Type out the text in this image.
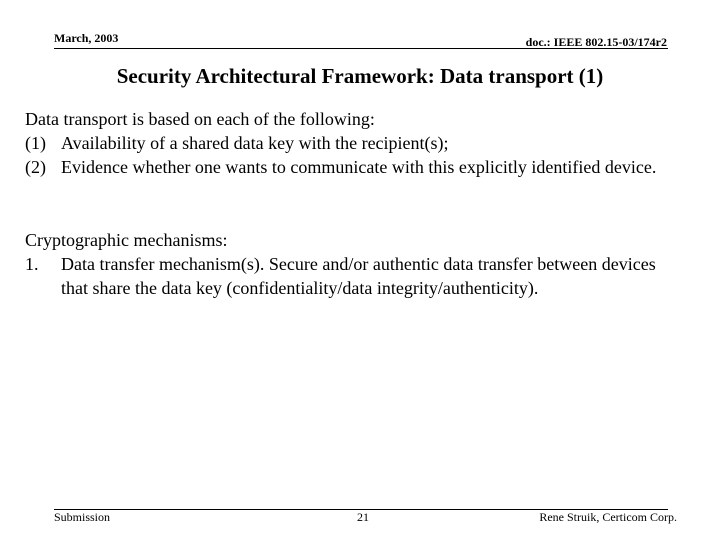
March, 2003	doc.: IEEE 802.15-03/174r2
Security Architectural Framework: Data transport (1)
Data transport is based on each of the following:
(1) Availability of a shared data key with the recipient(s);
(2) Evidence whether one wants to communicate with this explicitly identified device.
Cryptographic mechanisms:
1. Data transfer mechanism(s). Secure and/or authentic data transfer between devices that share the data key (confidentiality/data integrity/authenticity).
Submission	21	Rene Struik, Certicom Corp.
